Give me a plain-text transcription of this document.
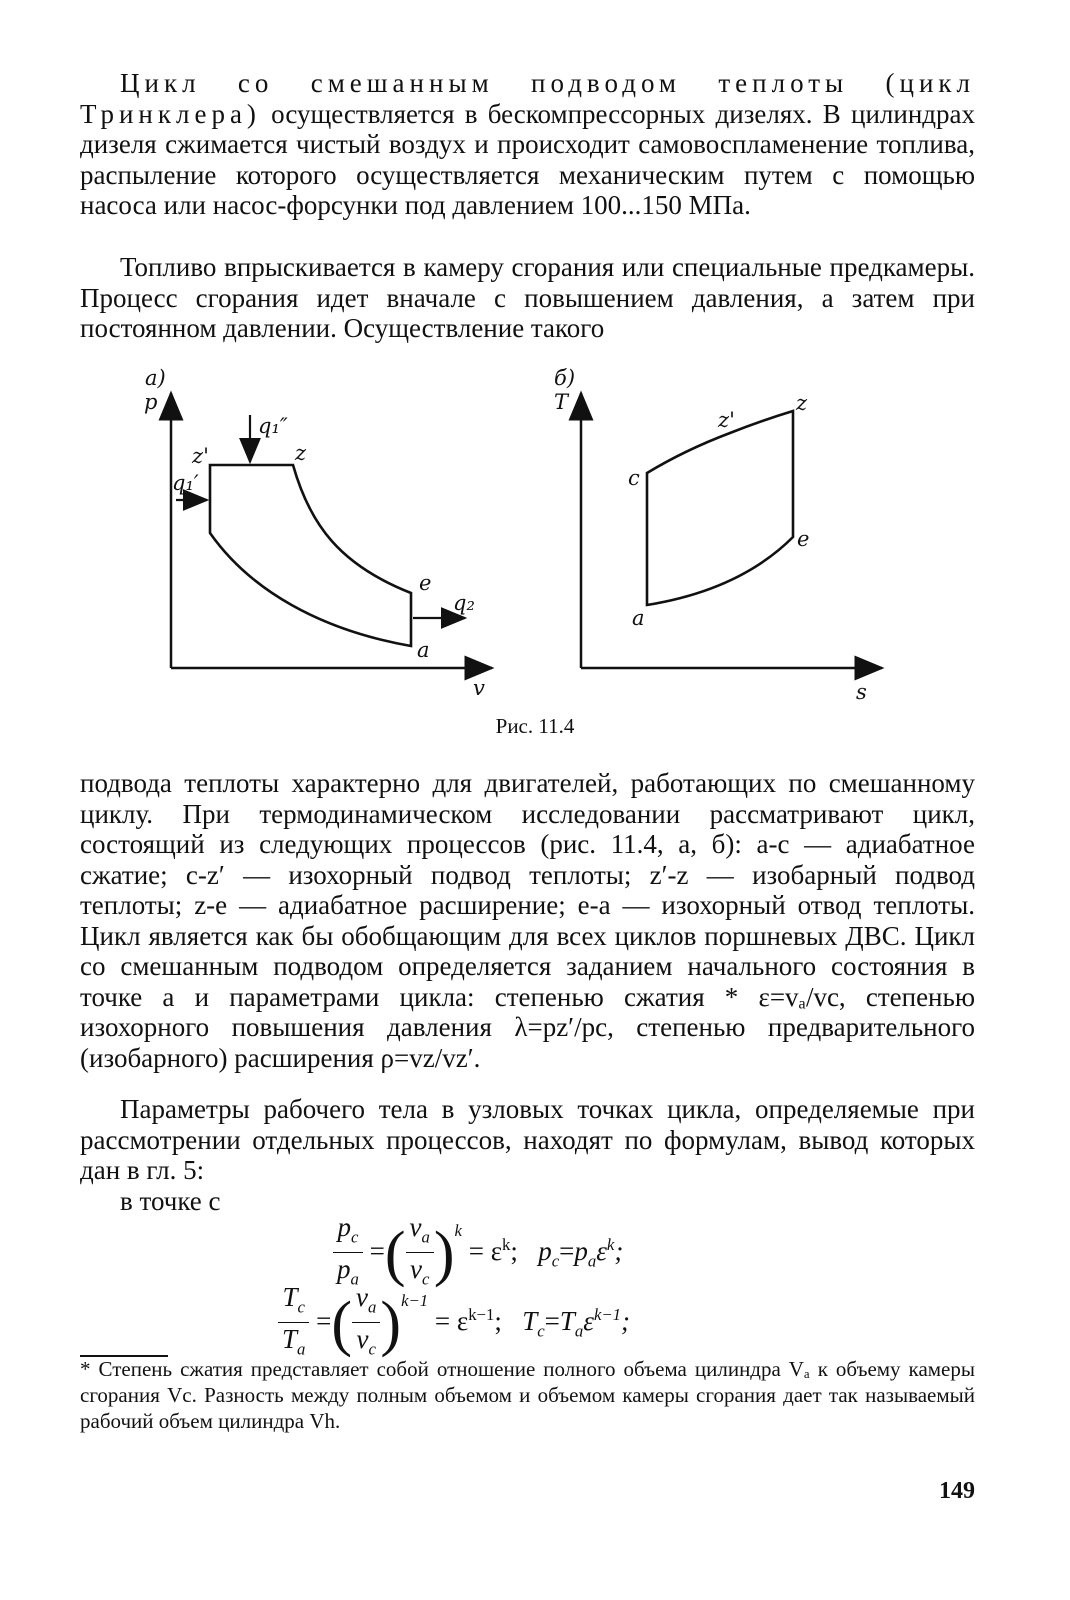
Цикл со смешанным подводом теплоты (цикл Тринклера) осуществляется в бескомпрессорных дизелях. В цилиндрах дизеля сжимается чистый воздух и происходит самовоспламенение топлива, распыление которого осуществляется механическим путем с помощью насоса или насос-форсунки под давлением 100...150 МПа.

Топливо впрыскивается в камеру сгорания или специальные предкамеры. Процесс сгорания идет вначале с повышением давления, а затем при постоянном давлении. Осуществление такого

а)
p
v
z'	z
e
a
q₁″
q₁′
q₂
б)
T
s
c
z'
z
e
a
Рис. 11.4

подвода теплоты характерно для двигателей, работающих по смешанному циклу. При термодинамическом исследовании рассматривают цикл, состоящий из следующих процессов (рис. 11.4, а, б): а-с — адиабатное сжатие; с-z′ — изохорный подвод теплоты; z′-z — изобарный подвод теплоты; z-е — адиабатное расширение; е-а — изохорный отвод теплоты. Цикл является как бы обобщающим для всех циклов поршневых ДВС. Цикл со смешанным подводом определяется заданием начального состояния в точке а и параметрами цикла: степенью сжатия * ε=vₐ/vc, степенью изохорного повышения давления λ=pz′/pc, степенью предварительного (изобарного) расширения ρ=vz/vz′.

Параметры рабочего тела в узловых точках цикла, определяемые при рассмотрении отдельных процессов, находят по формулам, вывод которых дан в гл. 5:

в точке с

$\frac{p_c}{p_a}$ =( $\frac{v_a}{v_c} )^k = \varepsilon^k$;   $p_c=p_a\varepsilon^k$;
$\frac{T_c}{T_a}$ =( $\frac{v_a}{v_c} )^{k-1} = \varepsilon^{k-1}$;   $T_c=T_a\varepsilon^{k-1}$;
* Степень сжатия представляет собой отношение полного объема цилиндра Vₐ к объему камеры сгорания Vc. Разность между полным объемом и объемом камеры сгорания дает так называемый рабочий объем цилиндра Vh.
149
